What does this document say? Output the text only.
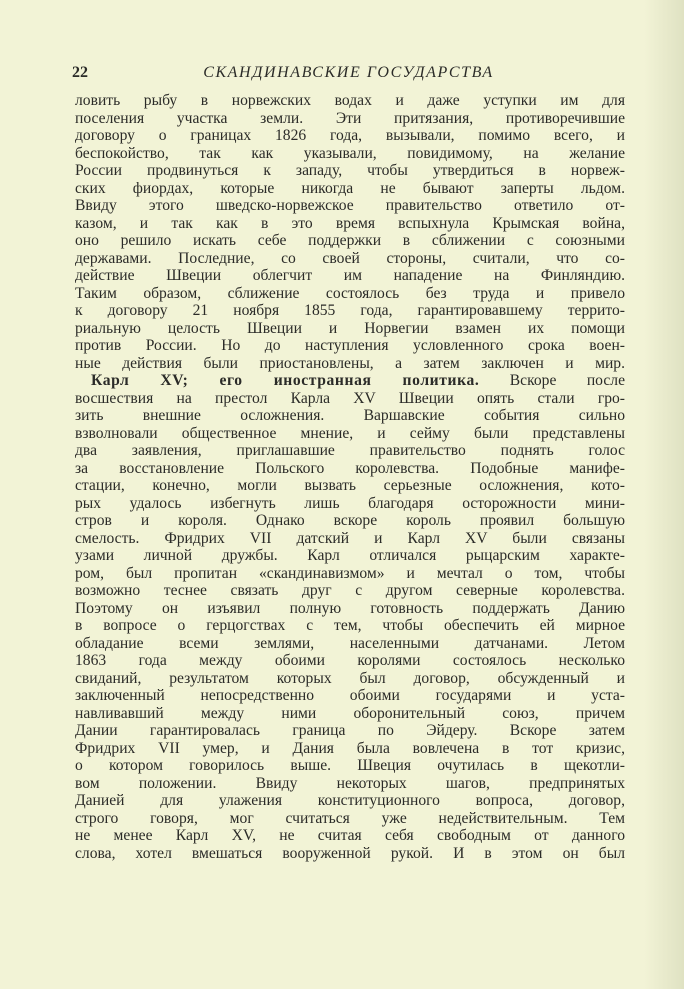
22	СКАНДИНАВСКИЕ ГОСУДАРСТВА
ловить рыбу в норвежских водах и даже уступки им для
поселения участка земли. Эти притязания, противоречившие
договору о границах 1826 года, вызывали, помимо всего, и
беспокойство, так как указывали, повидимому, на желание
России продвинуться к западу, чтобы утвердиться в норвеж-
ских фиордах, которые никогда не бывают заперты льдом.
Ввиду этого шведско-норвежское правительство ответило от-
казом, и так как в это время вспыхнула Крымская война,
оно решило искать себе поддержки в сближении с союзными
державами. Последние, со своей стороны, считали, что со-
действие Швеции облегчит им нападение на Финляндию.
Таким образом, сближение состоялось без труда и привело
к договору 21 ноября 1855 года, гарантировавшему террито-
риальную целость Швеции и Норвегии взамен их помощи
против России. Но до наступления условленного срока воен-
ные действия были приостановлены, а затем заключен и мир.
Карл XV; его иностранная политика. Вскоре после
восшествия на престол Карла XV Швеции опять стали гро-
зить внешние осложнения. Варшавские события сильно
взволновали общественное мнение, и сейму были представлены
два заявления, приглашавшие правительство поднять голос
за восстановление Польского королевства. Подобные манифе-
стации, конечно, могли вызвать серьезные осложнения, кото-
рых удалось избегнуть лишь благодаря осторожности мини-
стров и короля. Однако вскоре король проявил большую
смелость. Фридрих VII датский и Карл XV были связаны
узами личной дружбы. Карл отличался рыцарским характе-
ром, был пропитан «скандинавизмом» и мечтал о том, чтобы
возможно теснее связать друг с другом северные королевства.
Поэтому он изъявил полную готовность поддержать Данию
в вопросе о герцогствах с тем, чтобы обеспечить ей мирное
обладание всеми землями, населенными датчанами. Летом
1863 года между обоими королями состоялось несколько
свиданий, результатом которых был договор, обсужденный и
заключенный непосредственно обоими государями и уста-
навливавший между ними оборонительный союз, причем
Дании гарантировалась граница по Эйдеру. Вскоре затем
Фридрих VII умер, и Дания была вовлечена в тот кризис,
о котором говорилось выше. Швеция очутилась в щекотли-
вом положении. Ввиду некоторых шагов, предпринятых
Данией для улажения конституционного вопроса, договор,
строго говоря, мог считаться уже недействительным. Тем
не менее Карл XV, не считая себя свободным от данного
слова, хотел вмешаться вооруженной рукой. И в этом он был
